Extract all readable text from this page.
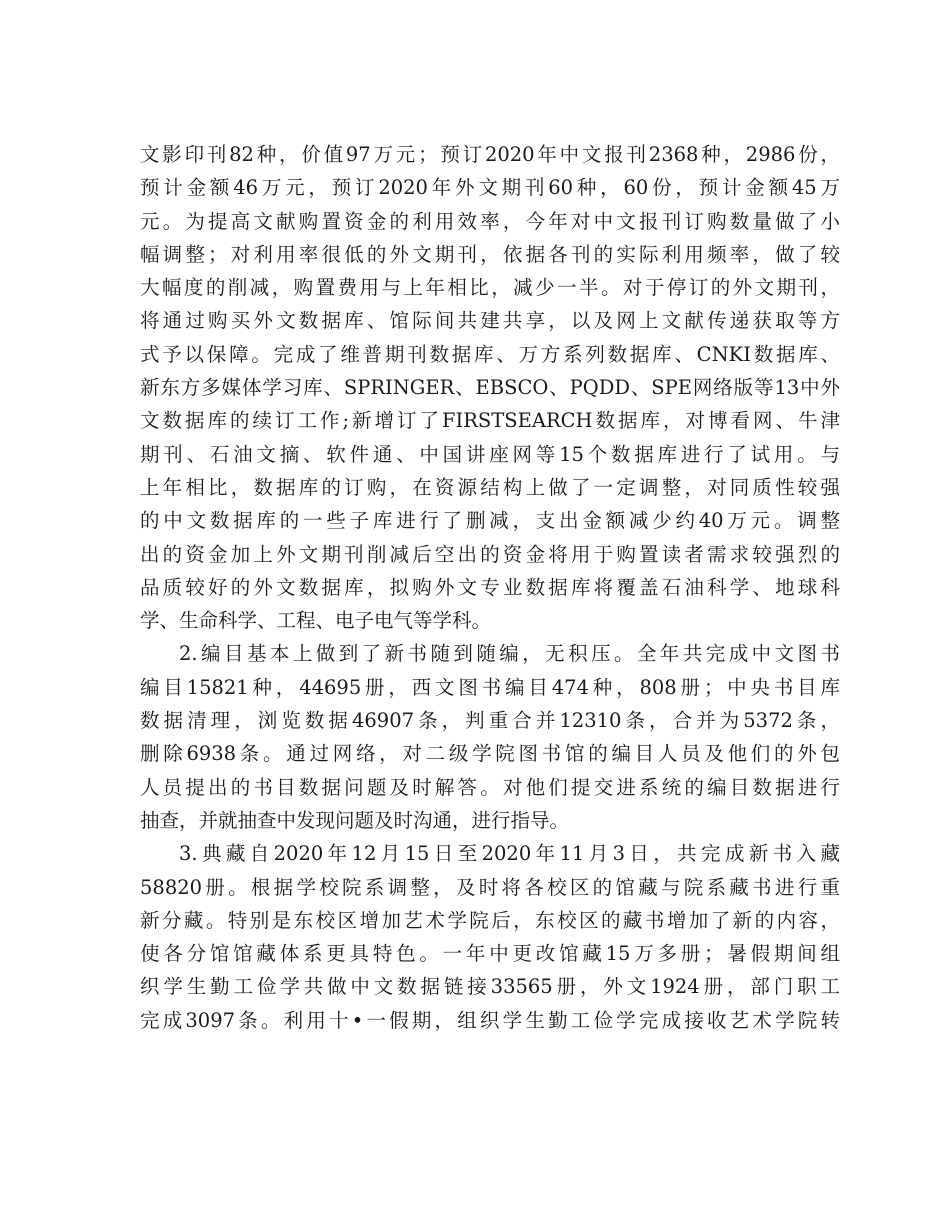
文影印刊82种，价值97万元；预订2020年中文报刊2368种，2986份，
预计金额46万元，预订2020年外文期刊60种，60份，预计金额45万
元。为提高文献购置资金的利用效率，今年对中文报刊订购数量做了小
幅调整；对利用率很低的外文期刊，依据各刊的实际利用频率，做了较
大幅度的削减，购置费用与上年相比，减少一半。对于停订的外文期刊，
将通过购买外文数据库、馆际间共建共享，以及网上文献传递获取等方
式予以保障。完成了维普期刊数据库、万方系列数据库、CNKI数据库、
新东方多媒体学习库、SPRINGER、EBSCO、PQDD、SPE网络版等13中外
文数据库的续订工作;新增订了FIRSTSEARCH数据库，对博看网、牛津
期刊、石油文摘、软件通、中国讲座网等15个数据库进行了试用。与
上年相比，数据库的订购，在资源结构上做了一定调整，对同质性较强
的中文数据库的一些子库进行了删减，支出金额减少约40万元。调整
出的资金加上外文期刊削减后空出的资金将用于购置读者需求较强烈的
品质较好的外文数据库，拟购外文专业数据库将覆盖石油科学、地球科
学、生命科学、工程、电子电气等学科。

2.编目基本上做到了新书随到随编，无积压。全年共完成中文图书
编目15821种，44695册，西文图书编目474种，808册；中央书目库
数据清理，浏览数据46907条，判重合并12310条，合并为5372条，
删除6938条。通过网络，对二级学院图书馆的编目人员及他们的外包
人员提出的书目数据问题及时解答。对他们提交进系统的编目数据进行
抽查，并就抽查中发现问题及时沟通，进行指导。

3.典藏自2020年12月15日至2020年11月3日，共完成新书入藏
58820册。根据学校院系调整，及时将各校区的馆藏与院系藏书进行重
新分藏。特别是东校区增加艺术学院后，东校区的藏书增加了新的内容，
使各分馆馆藏体系更具特色。一年中更改馆藏15万多册；暑假期间组
织学生勤工俭学共做中文数据链接33565册，外文1924册，部门职工
完成3097条。利用十•一假期，组织学生勤工俭学完成接收艺术学院转
